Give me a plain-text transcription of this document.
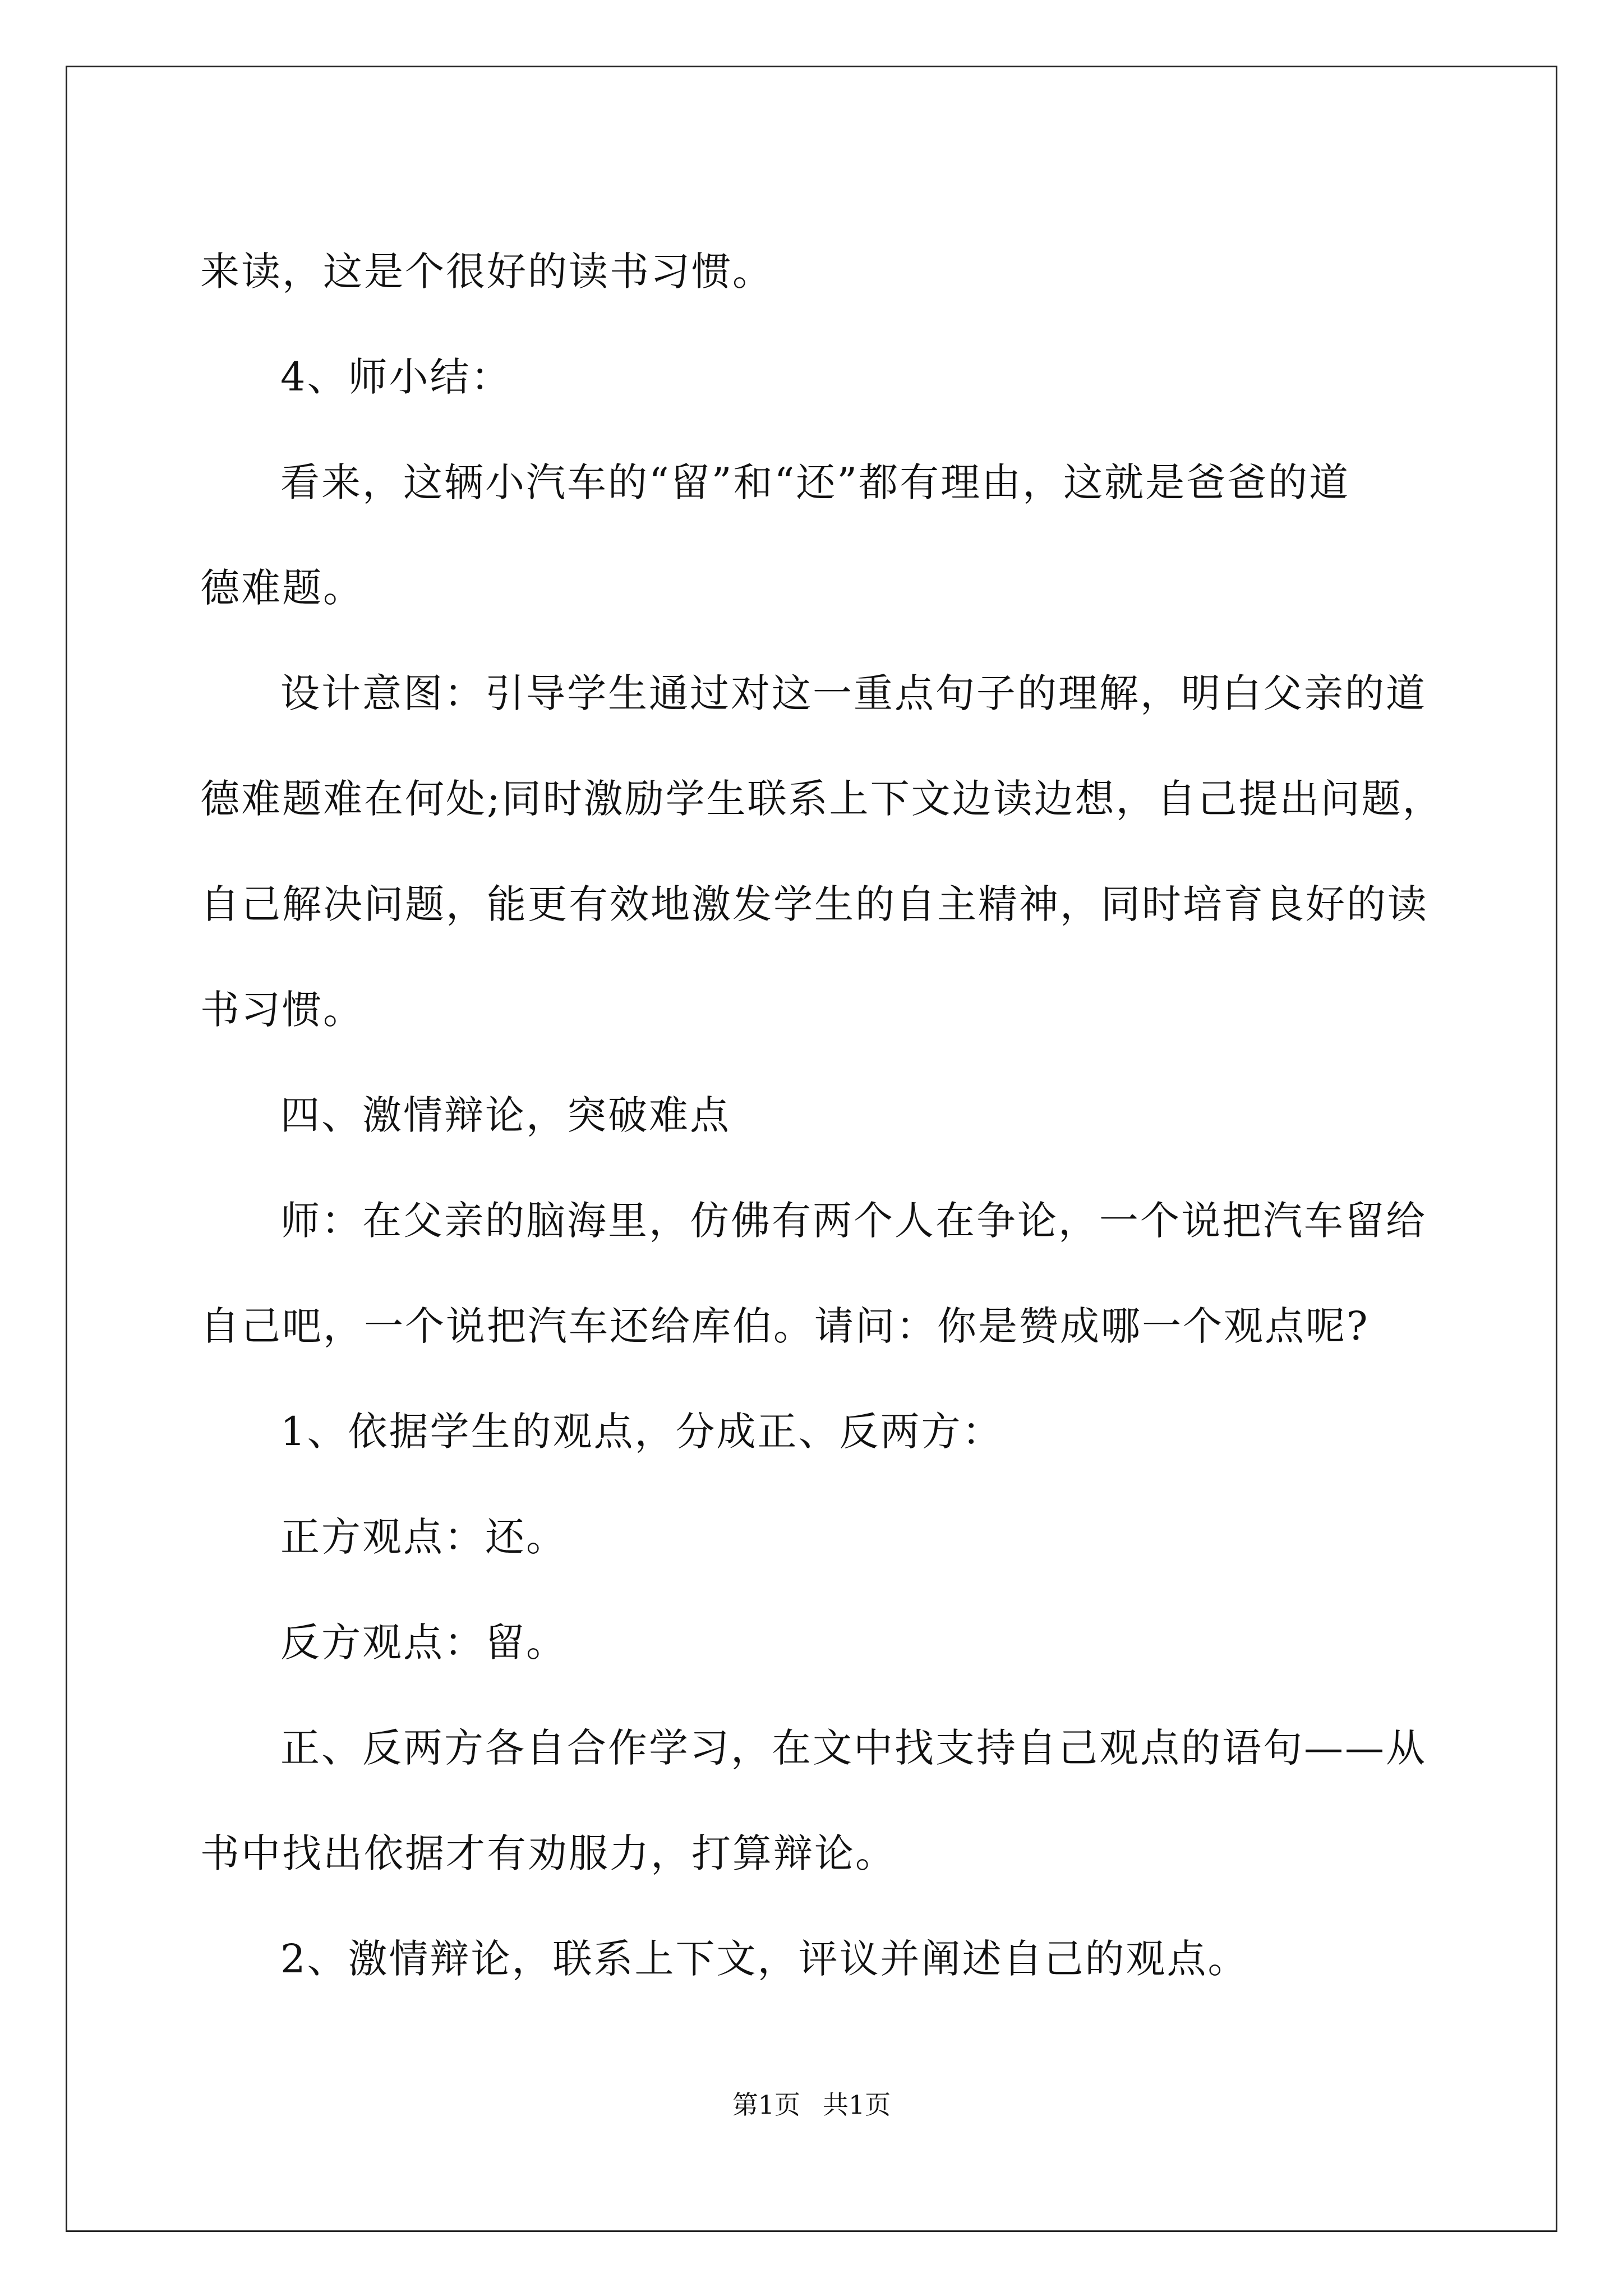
来读，这是个很好的读书习惯。
4、师小结：
看来，这辆小汽车的“留”和“还”都有理由，这就是爸爸的道
德难题。
设计意图：引导学生通过对这一重点句子的理解，明白父亲的道
德难题难在何处;同时激励学生联系上下文边读边想，自己提出问题，
自己解决问题，能更有效地激发学生的自主精神，同时培育良好的读
书习惯。
四、激情辩论，突破难点
师：在父亲的脑海里，仿佛有两个人在争论，一个说把汽车留给
自己吧，一个说把汽车还给库伯。请问：你是赞成哪一个观点呢?
1、依据学生的观点，分成正、反两方：
正方观点：还。
反方观点：留。
正、反两方各自合作学习，在文中找支持自己观点的语句——从
书中找出依据才有劝服力，打算辩论。
2、激情辩论，联系上下文，评议并阐述自己的观点。
第1页 共1页
